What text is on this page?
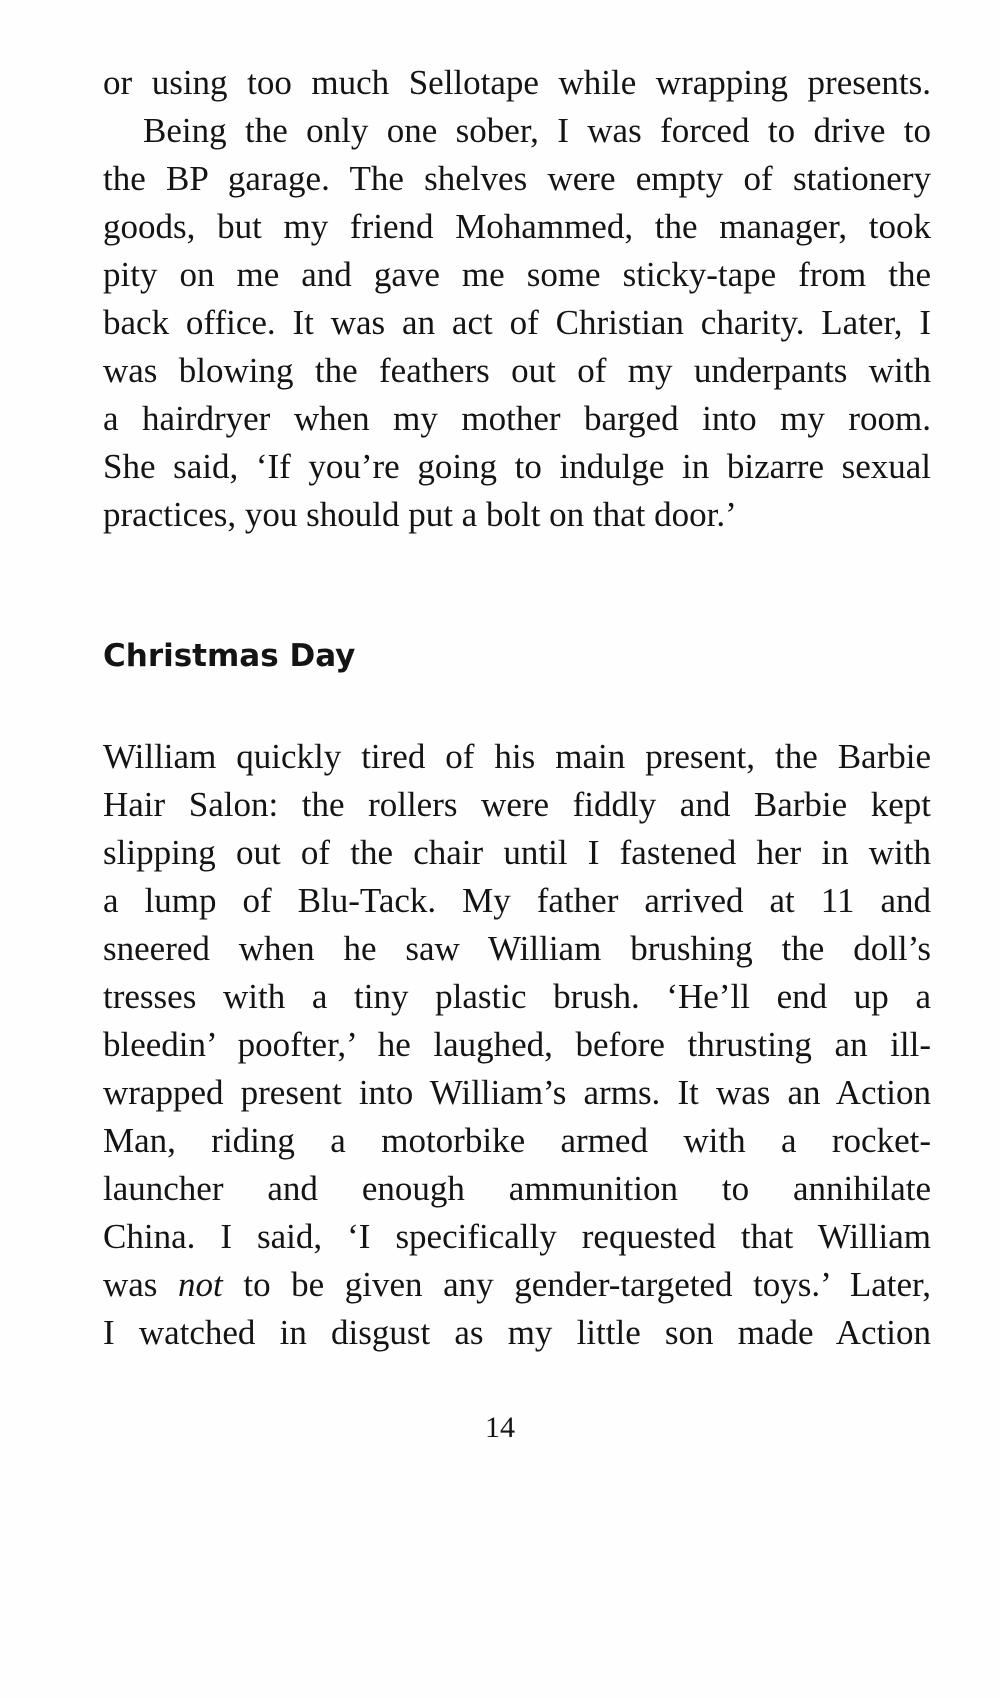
or using too much Sellotape while wrapping presents.
Being the only one sober, I was forced to drive to
the BP garage. The shelves were empty of stationery
goods, but my friend Mohammed, the manager, took
pity on me and gave me some sticky-tape from the
back office. It was an act of Christian charity. Later, I
was blowing the feathers out of my underpants with
a hairdryer when my mother barged into my room.
She said, ‘If you’re going to indulge in bizarre sexual
practices, you should put a bolt on that door.’
Christmas Day
William quickly tired of his main present, the Barbie
Hair Salon: the rollers were fiddly and Barbie kept
slipping out of the chair until I fastened her in with
a lump of Blu-Tack. My father arrived at 11 and
sneered when he saw William brushing the doll’s
tresses with a tiny plastic brush. ‘He’ll end up a
bleedin’ poofter,’ he laughed, before thrusting an ill-
wrapped present into William’s arms. It was an Action
Man, riding a motorbike armed with a rocket-
launcher and enough ammunition to annihilate
China. I said, ‘I specifically requested that William
was not to be given any gender-targeted toys.’ Later,
I watched in disgust as my little son made Action
14
